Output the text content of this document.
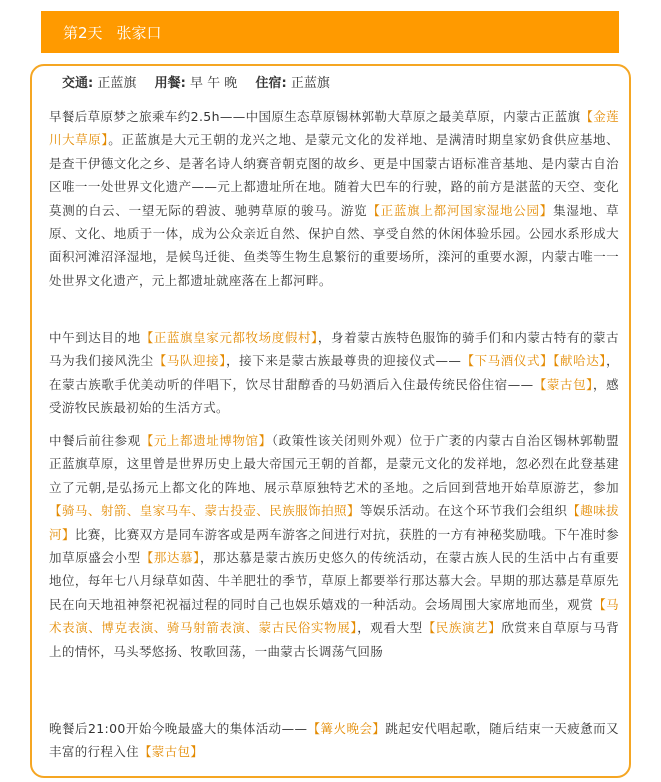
第2天 张家口
交通: 正蓝旗 用餐: 早 午 晚 住宿: 正蓝旗

早餐后草原梦之旅乘车约2.5h——中国原生态草原锡林郭勒大草原之最美草原，内蒙古正蓝旗【金莲川大草原】。正蓝旗是大元王朝的龙兴之地、是蒙元文化的发祥地、是满清时期皇家奶食供应基地、是查干伊德文化之乡、是著名诗人纳赛音朝克图的故乡、更是中国蒙古语标准音基地、是内蒙古自治区唯一一处世界文化遗产——元上都遗址所在地。随着大巴车的行驶，路的前方是湛蓝的天空、变化莫测的白云、一望无际的碧波、驰骋草原的骏马。游览【正蓝旗上都河国家湿地公园】集湿地、草原、文化、地质于一体，成为公众亲近自然、保护自然、享受自然的休闲体验乐园。公园水系形成大面积河滩沼泽湿地，是候鸟迁徙、鱼类等生物生息繁衍的重要场所，滦河的重要水源，内蒙古唯一一处世界文化遗产，元上都遗址就座落在上都河畔。

中午到达目的地【正蓝旗皇家元都牧场度假村】，身着蒙古族特色服饰的骑手们和内蒙古特有的蒙古马为我们接风洗尘【马队迎接】，接下来是蒙古族最尊贵的迎接仪式——【下马酒仪式】【献哈达】，在蒙古族歌手优美动听的伴唱下，饮尽甘甜醇香的马奶酒后入住最传统民俗住宿——【蒙古包】，感受游牧民族最初始的生活方式。

中餐后前往参观【元上都遗址博物馆】（政策性该关闭则外观）位于广袤的内蒙古自治区锡林郭勒盟正蓝旗草原，这里曾是世界历史上最大帝国元王朝的首都，是蒙元文化的发祥地，忽必烈在此登基建立了元朝,是弘扬元上都文化的阵地、展示草原独特艺术的圣地。之后回到营地开始草原游艺，参加【骑马、射箭、皇家马车、蒙古投壶、民族服饰拍照】等娱乐活动。在这个环节我们会组织【趣味拔河】比赛，比赛双方是同车游客或是两车游客之间进行对抗，获胜的一方有神秘奖励哦。下午准时参加草原盛会小型【那达慕】，那达慕是蒙古族历史悠久的传统活动，在蒙古族人民的生活中占有重要地位，每年七八月绿草如茵、牛羊肥壮的季节，草原上都要举行那达慕大会。早期的那达慕是草原先民在向天地祖神祭祀祝福过程的同时自己也娱乐嬉戏的一种活动。会场周围大家席地而坐，观赏【马术表演、博克表演、骑马射箭表演、蒙古民俗实物展】，观看大型【民族演艺】欣赏来自草原与马背上的情怀，马头琴悠扬、牧歌回荡，一曲蒙古长调荡气回肠

晚餐后21:00开始今晚最盛大的集体活动——【篝火晚会】跳起安代唱起歌，随后结束一天疲惫而又丰富的行程入住【蒙古包】
